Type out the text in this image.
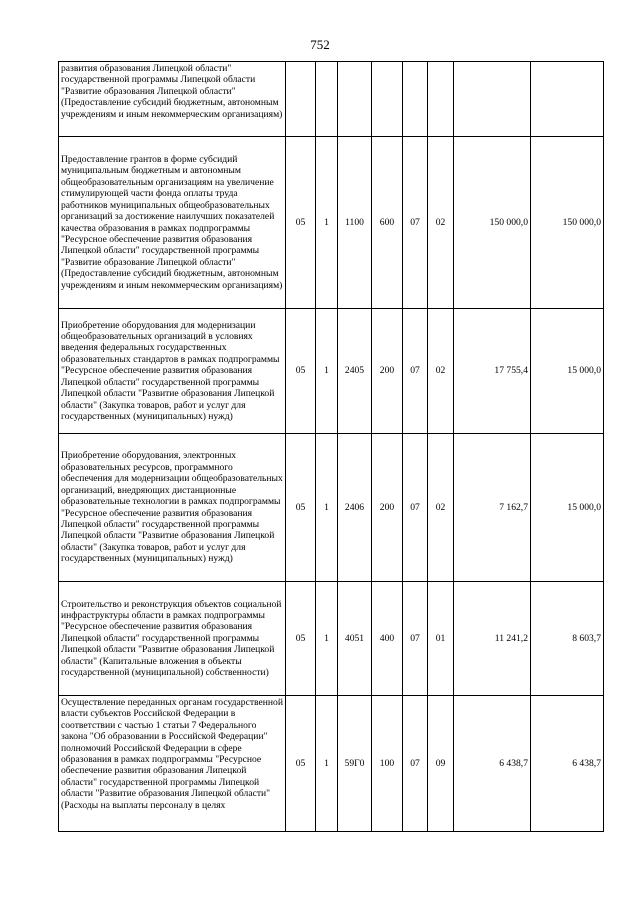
752
развития образования Липецкой области" государственной программы Липецкой области "Развитие образования Липецкой области" (Предоставление субсидий бюджетным, автономным учреждениям и иным некоммерческим организациям)								
Предоставление грантов в форме субсидий муниципальным бюджетным и автономным общеобразовательным организациям на увеличение стимулирующей части фонда оплаты труда работников муниципальных общеобразовательных организаций за достижение наилучших показателей качества образования в рамках подпрограммы "Ресурсное обеспечение развития образования Липецкой области" государственной программы "Развитие образование Липецкой области" (Предоставление субсидий бюджетным, автономным учреждениям и иным некоммерческим организациям)	05	1	1100	600	07	02	150 000,0	150 000,0
Приобретение оборудования для модернизации общеобразовательных организаций в условиях введения федеральных государственных образовательных стандартов в рамках подпрограммы "Ресурсное обеспечение развития образования Липецкой области" государственной программы Липецкой области "Развитие образования Липецкой области" (Закупка товаров, работ и услуг для государственных (муниципальных) нужд)	05	1	2405	200	07	02	17 755,4	15 000,0
Приобретение оборудования, электронных образовательных ресурсов, программного обеспечения для модернизации общеобразовательных организаций, внедряющих дистанционные образовательные технологии в рамках подпрограммы "Ресурсное обеспечение развития образования Липецкой области" государственной программы Липецкой области "Развитие образования Липецкой области" (Закупка товаров, работ и услуг для государственных (муниципальных) нужд)	05	1	2406	200	07	02	7 162,7	15 000,0
Строительство и реконструкция объектов социальной инфраструктуры области в рамках подпрограммы "Ресурсное обеспечение развития образования Липецкой области" государственной программы Липецкой области "Развитие образования Липецкой области" (Капитальные вложения в объекты государственной (муниципальной) собственности)	05	1	4051	400	07	01	11 241,2	8 603,7
Осуществление переданных органам государственной власти субъектов Российской Федерации в соответствии с частью 1 статьи 7 Федерального закона "Об образовании в Российской Федерации" полномочий Российской Федерации в сфере образования в рамках подпрограммы "Ресурсное обеспечение развития образования Липецкой области" государственной программы Липецкой области "Развитие образования Липецкой области" (Расходы на выплаты персоналу в целях	05	1	59Г0	100	07	09	6 438,7	6 438,7
